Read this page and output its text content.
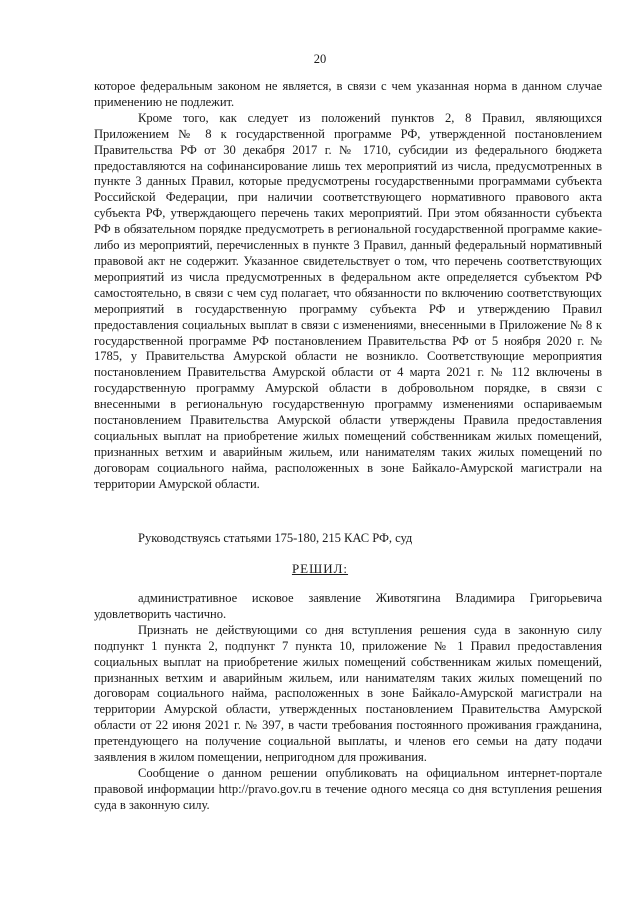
20

которое федеральным законом не является, в связи с чем указанная норма в данном случае применению не подлежит.

Кроме того, как следует из положений пунктов 2, 8 Правил, являющихся Приложением № 8 к государственной программе РФ, утвержденной постановлением Правительства РФ от 30 декабря 2017 г. № 1710, субсидии из федерального бюджета предоставляются на софинансирование лишь тех мероприятий из числа, предусмотренных в пункте 3 данных Правил, которые предусмотрены государственными программами субъекта Российской Федерации, при наличии соответствующего нормативного правового акта субъекта РФ, утверждающего перечень таких мероприятий. При этом обязанности субъекта РФ в обязательном порядке предусмотреть в региональной государственной программе какие-либо из мероприятий, перечисленных в пункте 3 Правил, данный федеральный нормативный правовой акт не содержит. Указанное свидетельствует о том, что перечень соответствующих мероприятий из числа предусмотренных в федеральном акте определяется субъектом РФ самостоятельно, в связи с чем суд полагает, что обязанности по включению соответствующих мероприятий в государственную программу субъекта РФ и утверждению Правил предоставления социальных выплат в связи с изменениями, внесенными в Приложение № 8 к государственной программе РФ постановлением Правительства РФ от 5 ноября 2020 г. № 1785, у Правительства Амурской области не возникло. Соответствующие мероприятия постановлением Правительства Амурской области от 4 марта 2021 г. № 112 включены в государственную программу Амурской области в добровольном порядке, в связи с внесенными в региональную государственную программу изменениями оспариваемым постановлением Правительства Амурской области утверждены Правила предоставления социальных выплат на приобретение жилых помещений собственникам жилых помещений, признанных ветхим и аварийным жильем, или нанимателям таких жилых помещений по договорам социального найма, расположенных в зоне Байкало-Амурской магистрали на территории Амурской области.

Руководствуясь статьями 175-180, 215 КАС РФ, суд

РЕШИЛ:

административное исковое заявление Животягина Владимира Григорьевича удовлетворить частично.

Признать не действующими со дня вступления решения суда в законную силу подпункт 1 пункта 2, подпункт 7 пункта 10, приложение № 1 Правил предоставления социальных выплат на приобретение жилых помещений собственникам жилых помещений, признанных ветхим и аварийным жильем, или нанимателям таких жилых помещений по договорам социального найма, расположенных в зоне Байкало-Амурской магистрали на территории Амурской области, утвержденных постановлением Правительства Амурской области от 22 июня 2021 г. № 397, в части требования постоянного проживания гражданина, претендующего на получение социальной выплаты, и членов его семьи на дату подачи заявления в жилом помещении, непригодном для проживания.

Сообщение о данном решении опубликовать на официальном интернет-портале правовой информации http://pravo.gov.ru в течение одного месяца со дня вступления решения суда в законную силу.
